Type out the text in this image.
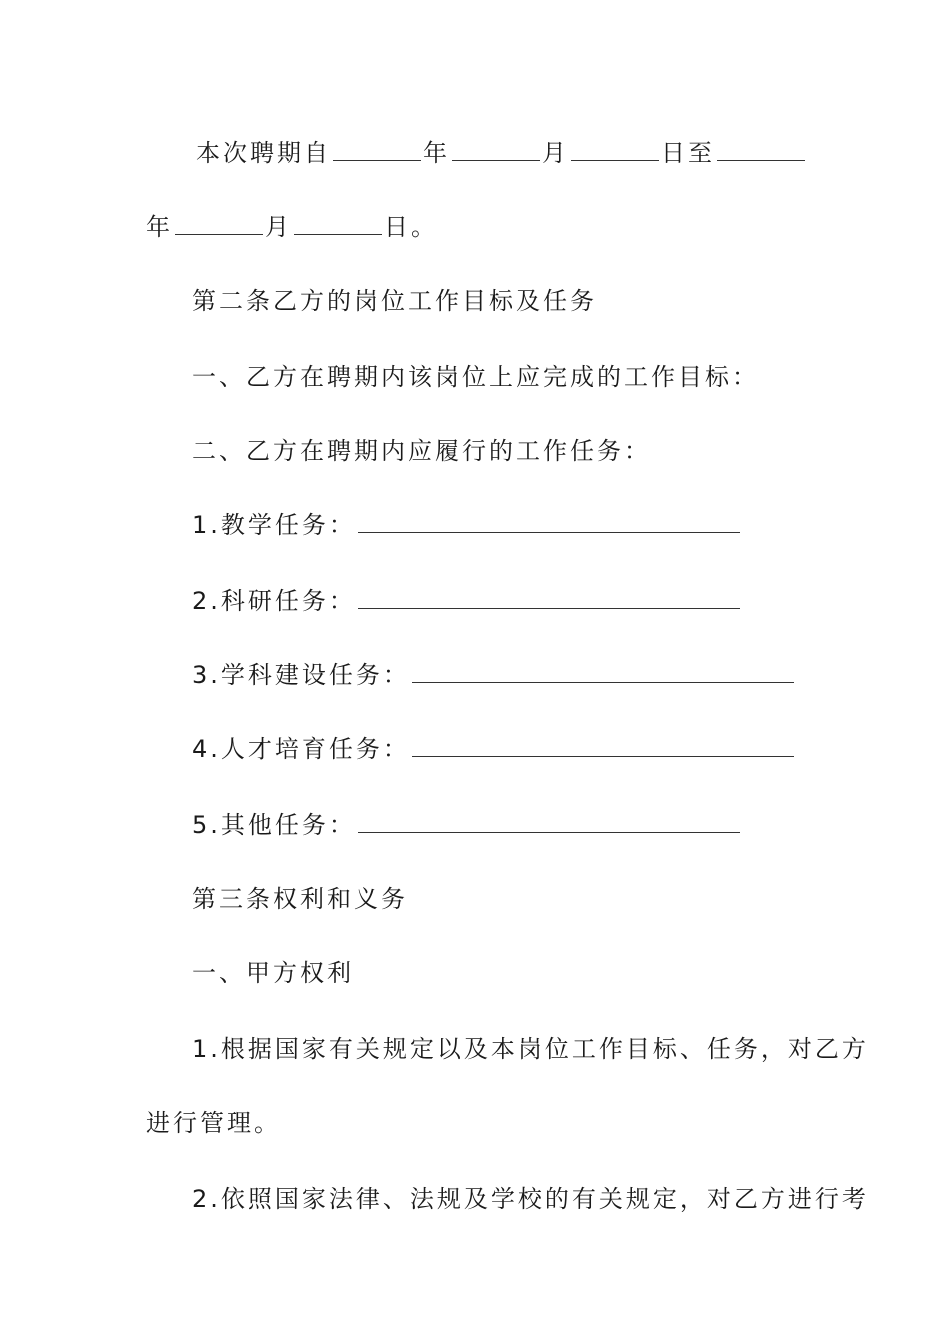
本次聘期自	年	月	日至
年	月	日。
第二条乙方的岗位工作目标及任务
一、乙方在聘期内该岗位上应完成的工作目标：
二、乙方在聘期内应履行的工作任务：
1.教学任务：
2.科研任务：
3.学科建设任务：
4.人才培育任务：
5.其他任务：
第三条权利和义务
一、甲方权利
1.根据国家有关规定以及本岗位工作目标、任务，对乙方
进行管理。
2.依照国家法律、法规及学校的有关规定，对乙方进行考
